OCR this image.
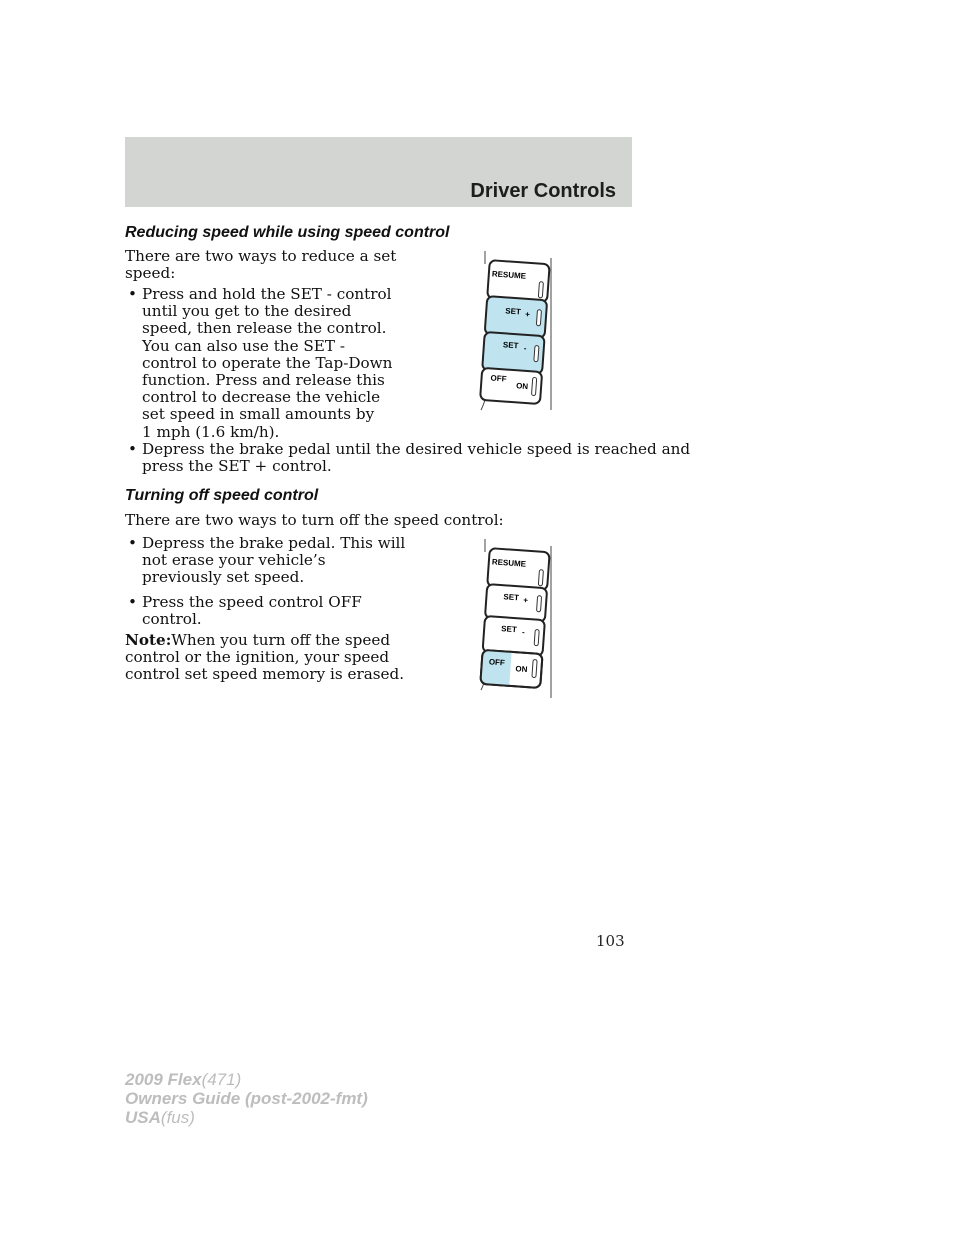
Driver Controls
Reducing speed while using speed control

There are two ways to reduce a set

speed:

• Press and hold the SET - control
until you get to the desired
speed, then release the control.
You can also use the SET -
control to operate the Tap-Down
function. Press and release this
control to decrease the vehicle
set speed in small amounts by
1 mph (1.6 km/h).
• Depress the brake pedal until the desired vehicle speed is reached and
press the SET + control.
RESUME
SET +
SET -
OFF
ON
Turning off speed control

There are two ways to turn off the speed control:

• Depress the brake pedal. This will
not erase your vehicle’s
previously set speed.
• Press the speed control OFF
control.

Note:When you turn off the speed

control or the ignition, your speed

control set speed memory is erased.

RESUME
SET +
SET -
OFF
ON
103
2009 Flex(471)
Owners Guide (post-2002-fmt)
USA(fus)
